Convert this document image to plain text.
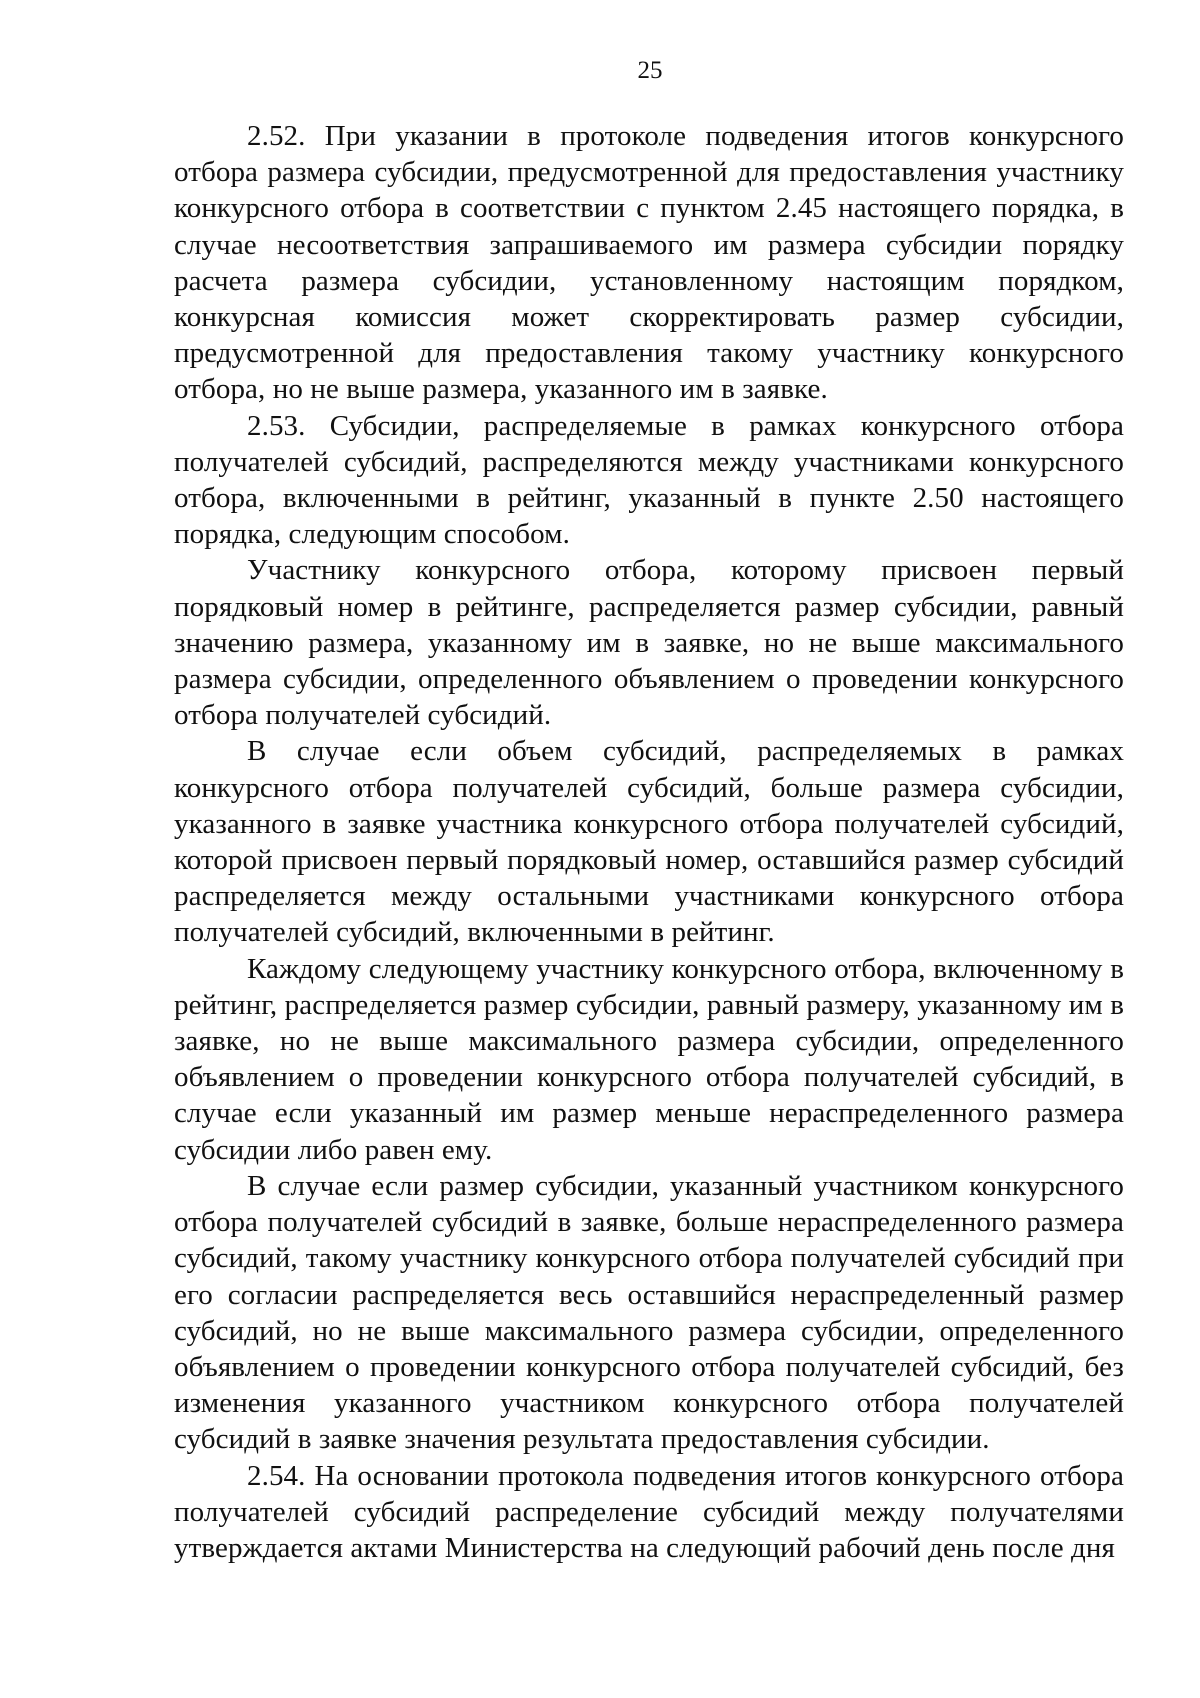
25

2.52. При указании в протоколе подведения итогов конкурсного отбора размера субсидии, предусмотренной для предоставления участнику конкурсного отбора в соответствии с пунктом 2.45 настоящего порядка, в случае несоответствия запрашиваемого им размера субсидии порядку расчета размера субсидии, установленному настоящим порядком, конкурсная комиссия может скорректировать размер субсидии, предусмотренной для предоставления такому участнику конкурсного отбора, но не выше размера, указанного им в заявке.

2.53. Субсидии, распределяемые в рамках конкурсного отбора получателей субсидий, распределяются между участниками конкурсного отбора, включенными в рейтинг, указанный в пункте 2.50 настоящего порядка, следующим способом.

Участнику конкурсного отбора, которому присвоен первый порядковый номер в рейтинге, распределяется размер субсидии, равный значению размера, указанному им в заявке, но не выше максимального размера субсидии, определенного объявлением о проведении конкурсного отбора получателей субсидий.

В случае если объем субсидий, распределяемых в рамках конкурсного отбора получателей субсидий, больше размера субсидии, указанного в заявке участника конкурсного отбора получателей субсидий, которой присвоен первый порядковый номер, оставшийся размер субсидий распределяется между остальными участниками конкурсного отбора получателей субсидий, включенными в рейтинг.

Каждому следующему участнику конкурсного отбора, включенному в рейтинг, распределяется размер субсидии, равный размеру, указанному им в заявке, но не выше максимального размера субсидии, определенного объявлением о проведении конкурсного отбора получателей субсидий, в случае если указанный им размер меньше нераспределенного размера субсидии либо равен ему.

В случае если размер субсидии, указанный участником конкурсного отбора получателей субсидий в заявке, больше нераспределенного размера субсидий, такому участнику конкурсного отбора получателей субсидий при его согласии распределяется весь оставшийся нераспределенный размер субсидий, но не выше максимального размера субсидии, определенного объявлением о проведении конкурсного отбора получателей субсидий, без изменения указанного участником конкурсного отбора получателей субсидий в заявке значения результата предоставления субсидии.

2.54. На основании протокола подведения итогов конкурсного отбора получателей субсидий распределение субсидий между получателями утверждается актами Министерства на следующий рабочий день после дня
